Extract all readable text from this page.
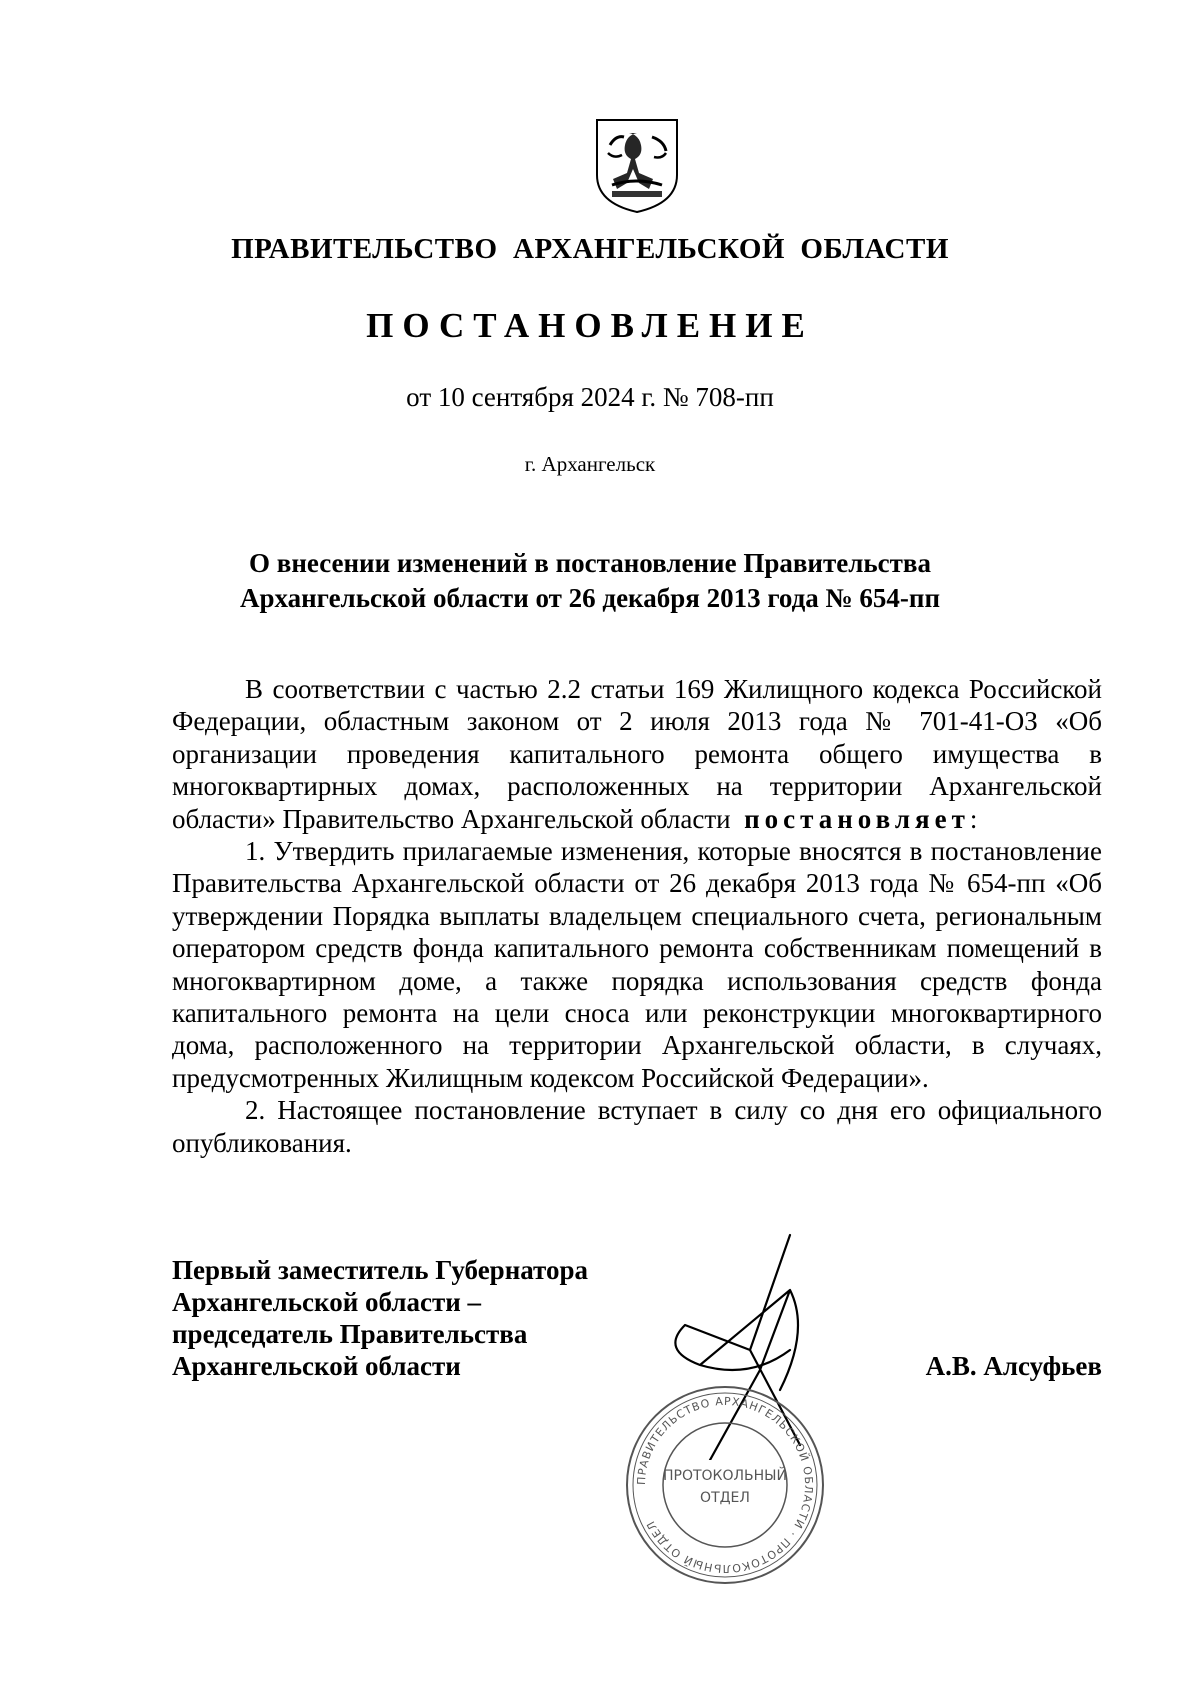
ПРАВИТЕЛЬСТВО  АРХАНГЕЛЬСКОЙ  ОБЛАСТИ
ПОСТАНОВЛЕНИЕ
от 10 сентября 2024 г. № 708-пп
г. Архангельск
О внесении изменений в постановление Правительства
Архангельской области от 26 декабря 2013 года № 654-пп

В соответствии с частью 2.2 статьи 169 Жилищного кодекса Российской Федерации, областным законом от 2 июля 2013 года № 701-41-ОЗ «Об организации проведения капитального ремонта общего имущества в многоквартирных домах, расположенных на территории Архангельской области» Правительство Архангельской области постановляет:

1. Утвердить прилагаемые изменения, которые вносятся в постановление Правительства Архангельской области от 26 декабря 2013 года № 654-пп «Об утверждении Порядка выплаты владельцем специального счета, региональным оператором средств фонда капитального ремонта собственникам помещений в многоквартирном доме, а также порядка использования средств фонда капитального ремонта на цели сноса или реконструкции многоквартирного дома, расположенного на территории Архангельской области, в случаях, предусмотренных Жилищным кодексом Российской Федерации».

2. Настоящее постановление вступает в силу со дня его официального опубликования.

Первый заместитель Губернатора
Архангельской области –
председатель Правительства
Архангельской области	А.В. Алсуфьев
ПРАВИТЕЛЬСТВО АРХАНГЕЛЬСКОЙ ОБЛАСТИ · ПРОТОКОЛЬНЫЙ ОТДЕЛ
ПРОТОКОЛЬНЫЙ
ОТДЕЛ
